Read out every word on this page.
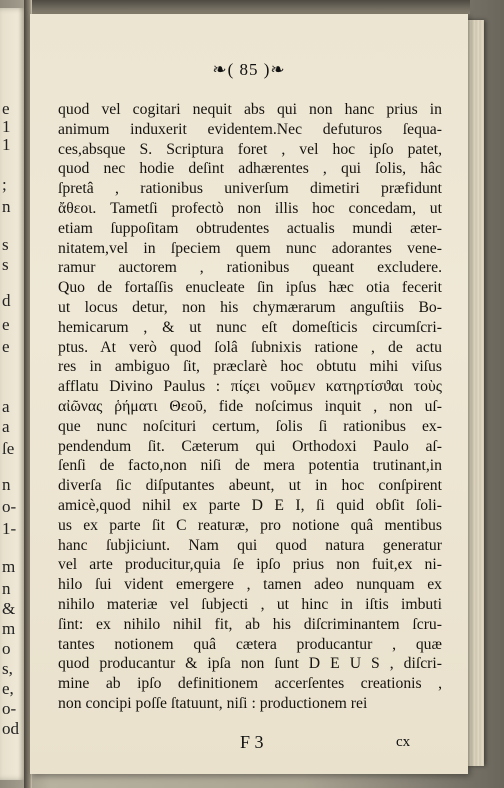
e
1
1
;
n
s
s
d
e
e
a
a
ſe
n
o-
1-
m
n
&
m
o
s,
e,
o-
od
❧( 85 )❧
quod vel cogitari nequit abs qui non hanc prius in
animum induxerit evidentem.Nec defuturos ſequa-
ces,absque S. Scriptura foret , vel hoc ipſo patet,
quod nec hodie deſint adhærentes , qui ſolis, hâc
ſpretâ , rationibus univerſum dimetiri præfidunt
ἄθεοι. Tametſi profectò non illis hoc concedam, ut
etiam ſuppoſitam obtrudentes actualis mundi æter-
nitatem,vel in ſpeciem quem nunc adorantes vene-
ramur auctorem , rationibus queant excludere.
Quo de fortaſſis enucleate ſin ipſus hæc otia fecerit
ut locus detur, non his chymærarum anguſtiis Bo-
hemicarum , & ut nunc eſt domeſticis circumſcri-
ptus. At verò quod ſolâ ſubnixis ratione , de actu
res in ambiguo ſit, præclarè hoc obtutu mihi viſus
afflatu Divino Paulus : πίςει νοῦμεν κατηρτίσϑαι τοὺς
αἰῶνας ῥήματι Θεοῦ, fide noſcimus inquit , non uſ-
que nunc noſcituri certum, ſolis ſi rationibus ex-
pendendum ſit. Cæterum qui Orthodoxi Paulo aſ-
ſenſi de facto,non niſi de mera potentia trutinant,in
diverſa ſic diſputantes abeunt, ut in hoc conſpirent
amicè,quod nihil ex parte D E I, ſi quid obſit ſoli-
us ex parte ſit C reaturæ, pro notione quâ mentibus
hanc ſubjiciunt. Nam qui quod natura generatur
vel arte producitur,quia ſe ipſo prius non fuit,ex ni-
hilo ſui vident emergere , tamen adeo nunquam ex
nihilo materiæ vel ſubjecti , ut hinc in iſtis imbuti
ſint: ex nihilo nihil fit, ab his diſcriminantem ſcru-
tantes notionem quâ cætera producantur , quæ
quod producantur & ipſa non ſunt D E U S , diſcri-
mine ab ipſo definitionem accerſentes creationis ,
non concipi poſſe ſtatuunt, niſi : productionem rei
F 3	cx
